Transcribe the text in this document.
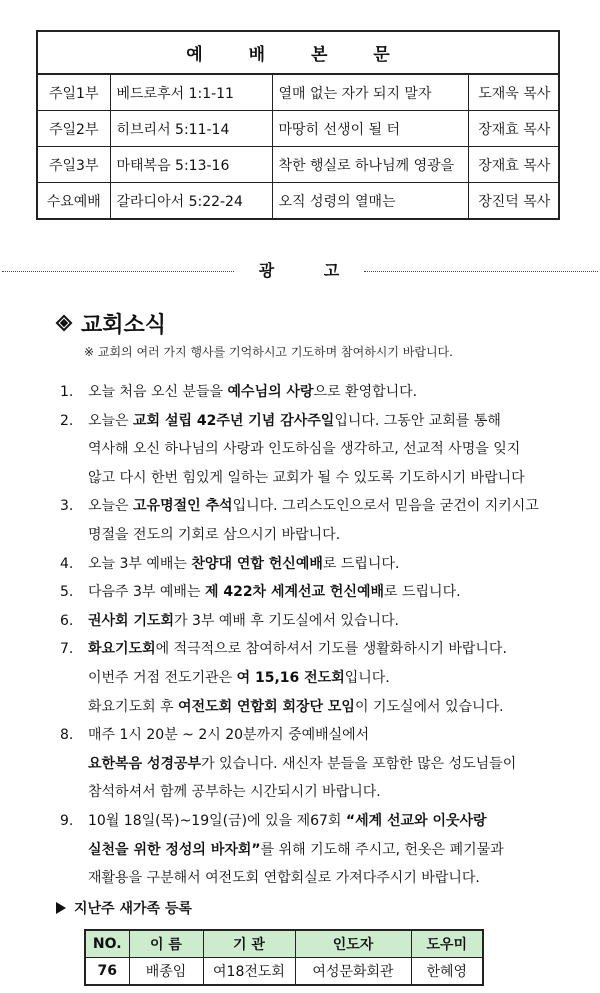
예 배 본 문
주일1부	베드로후서 1:1-11	열매 없는 자가 되지 말자	도재욱 목사
주일2부	히브리서 5:11-14	마땅히 선생이 될 터	장재효 목사
주일3부	마태복음 5:13-16	착한 행실로 하나님께 영광을	장재효 목사
수요예배	갈라디아서 5:22-24	오직 성령의 열매는	장진덕 목사
광 고
교회소식
※ 교회의 여러 가지 행사를 기억하시고 기도하며 참여하시기 바랍니다.
1. 오늘 처음 오신 분들을 예수님의 사랑으로 환영합니다.
2. 오늘은 교회 설립 42주년 기념 감사주일입니다. 그동안 교회를 통해
역사해 오신 하나님의 사랑과 인도하심을 생각하고, 선교적 사명을 잊지
않고 다시 한번 힘있게 일하는 교회가 될 수 있도록 기도하시기 바랍니다
3. 오늘은 고유명절인 추석입니다. 그리스도인으로서 믿음을 굳건이 지키시고
명절을 전도의 기회로 삼으시기 바랍니다.
4. 오늘 3부 예배는 찬양대 연합 헌신예배로 드립니다.
5. 다음주 3부 예배는 제 422차 세계선교 헌신예배로 드립니다.
6. 권사회 기도회가 3부 예배 후 기도실에서 있습니다.
7. 화요기도회에 적극적으로 참여하셔서 기도를 생활화하시기 바랍니다.
이번주 거점 전도기관은 여 15,16 전도회입니다.
화요기도회 후 여전도회 연합회 회장단 모임이 기도실에서 있습니다.
8. 매주 1시 20분 ~ 2시 20분까지 중예배실에서
요한복음 성경공부가 있습니다. 새신자 분들을 포함한 많은 성도님들이
참석하셔서 함께 공부하는 시간되시기 바랍니다.
9. 10월 18일(목)~19일(금)에 있을 제67회 “세계 선교와 이웃사랑
실천을 위한 정성의 바자회”를 위해 기도해 주시고, 헌옷은 폐기물과
재활용을 구분해서 여전도회 연합회실로 가져다주시기 바랍니다.
지난주 새가족 등록
NO.	이 름	기 관	인도자	도우미
76	배종임	여18전도회	여성문화회관	한혜영
